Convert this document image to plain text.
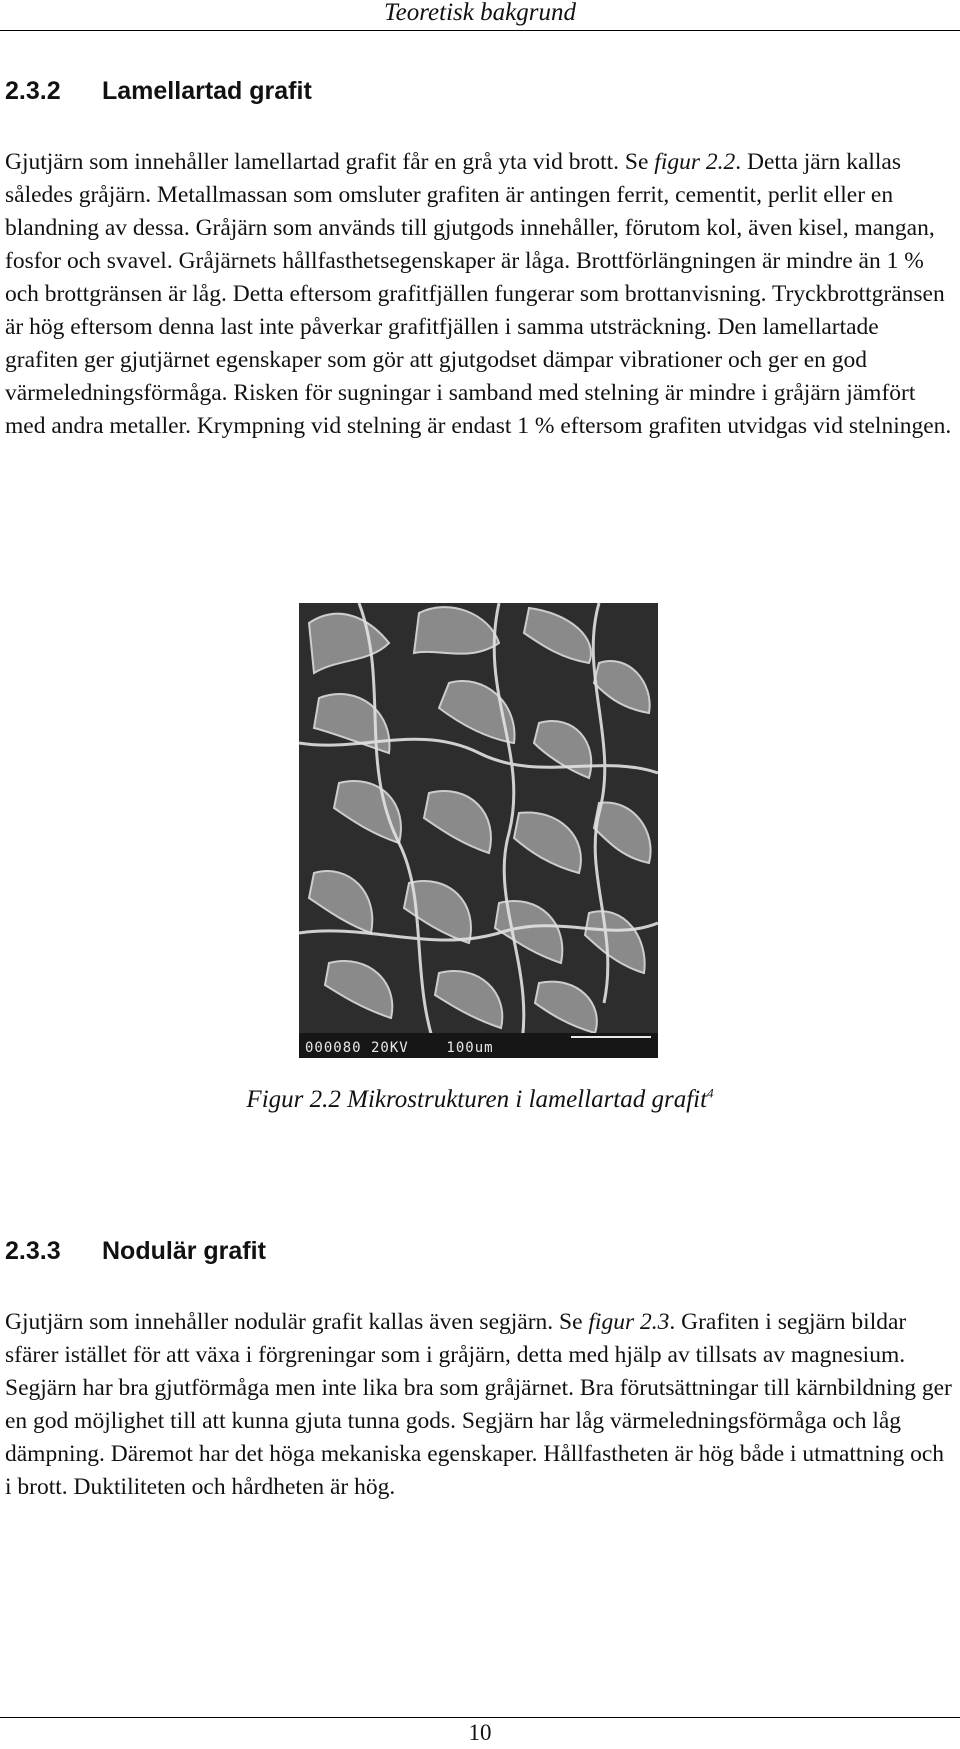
Teoretisk bakgrund
2.3.2 Lamellartad grafit

Gjutjärn som innehåller lamellartad grafit får en grå yta vid brott. Se figur 2.2. Detta järn kallas således gråjärn. Metallmassan som omsluter grafiten är antingen ferrit, cementit, perlit eller en blandning av dessa. Gråjärn som används till gjutgods innehåller, förutom kol, även kisel, mangan, fosfor och svavel. Gråjärnets hållfasthetsegenskaper är låga. Brottförlängningen är mindre än 1 % och brottgränsen är låg. Detta eftersom grafitfjällen fungerar som brottanvisning. Tryckbrottgränsen är hög eftersom denna last inte påverkar grafitfjällen i samma utsträckning. Den lamellartade grafiten ger gjutjärnet egenskaper som gör att gjutgodset dämpar vibrationer och ger en god värmeledningsförmåga. Risken för sugningar i samband med stelning är mindre i gråjärn jämfört med andra metaller. Krympning vid stelning är endast 1 % eftersom grafiten utvidgas vid stelningen.

000080 20KV    100um
Figur 2.2 Mikrostrukturen i lamellartad grafit$^4$
2.3.3 Nodulär grafit

Gjutjärn som innehåller nodulär grafit kallas även segjärn. Se figur 2.3. Grafiten i segjärn bildar sfärer istället för att växa i förgreningar som i gråjärn, detta med hjälp av tillsats av magnesium. Segjärn har bra gjutförmåga men inte lika bra som gråjärnet. Bra förutsättningar till kärnbildning ger en god möjlighet till att kunna gjuta tunna gods. Segjärn har låg värmeledningsförmåga och låg dämpning. Däremot har det höga mekaniska egenskaper. Hållfastheten är hög både i utmattning och i brott. Duktiliteten och hårdheten är hög.

10
